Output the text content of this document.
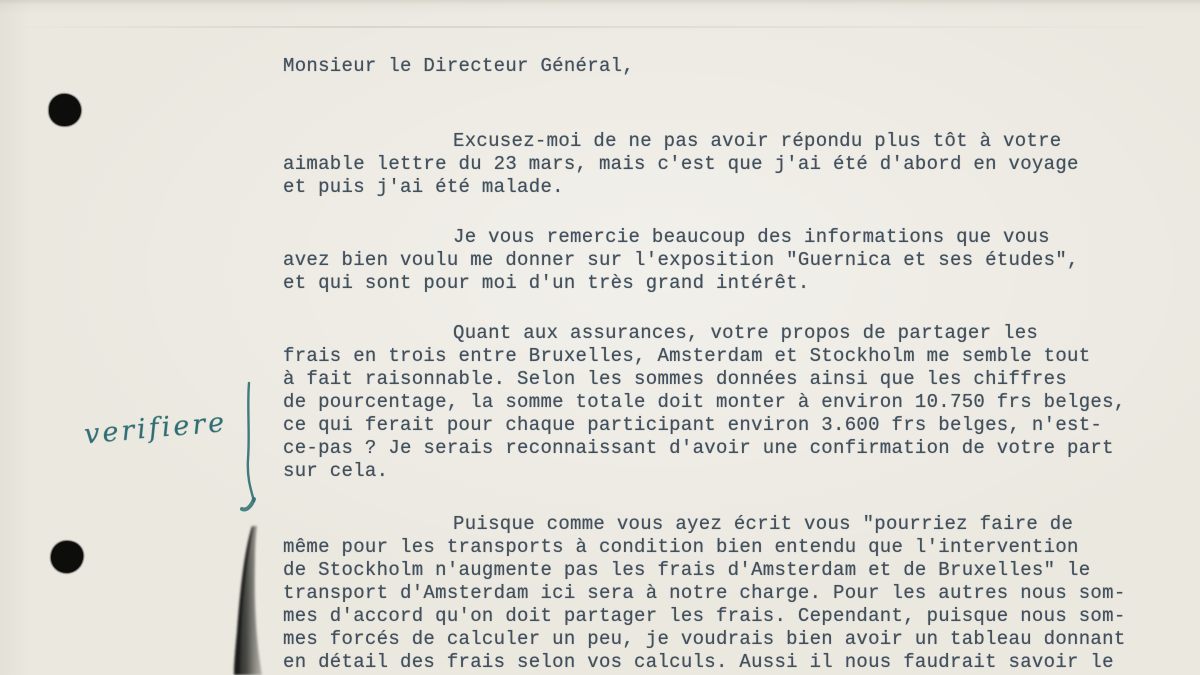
Monsieur le Directeur Général,
Excusez-moi de ne pas avoir répondu plus tôt à votre
aimable lettre du 23 mars, mais c'est que j'ai été d'abord en voyage
et puis j'ai été malade.
Je vous remercie beaucoup des informations que vous
avez bien voulu me donner sur l'exposition "Guernica et ses études",
et qui sont pour moi d'un très grand intérêt.
Quant aux assurances, votre propos de partager les
frais en trois entre Bruxelles, Amsterdam et Stockholm me semble tout
à fait raisonnable. Selon les sommes données ainsi que les chiffres
de pourcentage, la somme totale doit monter à environ 10.750 frs belges,
ce qui ferait pour chaque participant environ 3.600 frs belges, n'est-
ce-pas ? Je serais reconnaissant d'avoir une confirmation de votre part
sur cela.
Puisque comme vous ayez écrit vous "pourriez faire de
même pour les transports à condition bien entendu que l'intervention
de Stockholm n'augmente pas les frais d'Amsterdam et de Bruxelles" le
transport d'Amsterdam ici sera à notre charge. Pour les autres nous som-
mes d'accord qu'on doit partager les frais. Cependant, puisque nous som-
mes forcés de calculer un peu, je voudrais bien avoir un tableau donnant
en détail des frais selon vos calculs. Aussi il nous faudrait savoir le
verifiere
